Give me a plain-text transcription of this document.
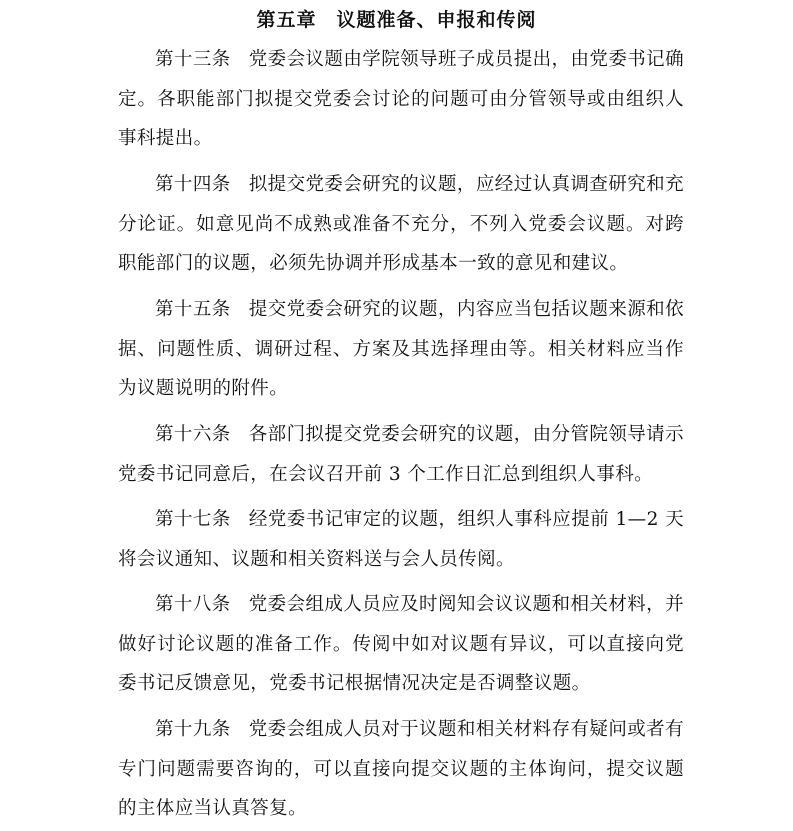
第五章　议题准备、申报和传阅

第十三条 党委会议题由学院领导班子成员提出，由党委书记确定。各职能部门拟提交党委会讨论的问题可由分管领导或由组织人事科提出。

第十四条 拟提交党委会研究的议题，应经过认真调查研究和充分论证。如意见尚不成熟或准备不充分，不列入党委会议题。对跨职能部门的议题，必须先协调并形成基本一致的意见和建议。

第十五条 提交党委会研究的议题，内容应当包括议题来源和依据、问题性质、调研过程、方案及其选择理由等。相关材料应当作为议题说明的附件。

第十六条 各部门拟提交党委会研究的议题，由分管院领导请示党委书记同意后，在会议召开前 3 个工作日汇总到组织人事科。

第十七条 经党委书记审定的议题，组织人事科应提前 1—2 天将会议通知、议题和相关资料送与会人员传阅。

第十八条 党委会组成人员应及时阅知会议议题和相关材料，并做好讨论议题的准备工作。传阅中如对议题有异议，可以直接向党委书记反馈意见，党委书记根据情况决定是否调整议题。

第十九条 党委会组成人员对于议题和相关材料存有疑问或者有专门问题需要咨询的，可以直接向提交议题的主体询问，提交议题的主体应当认真答复。
